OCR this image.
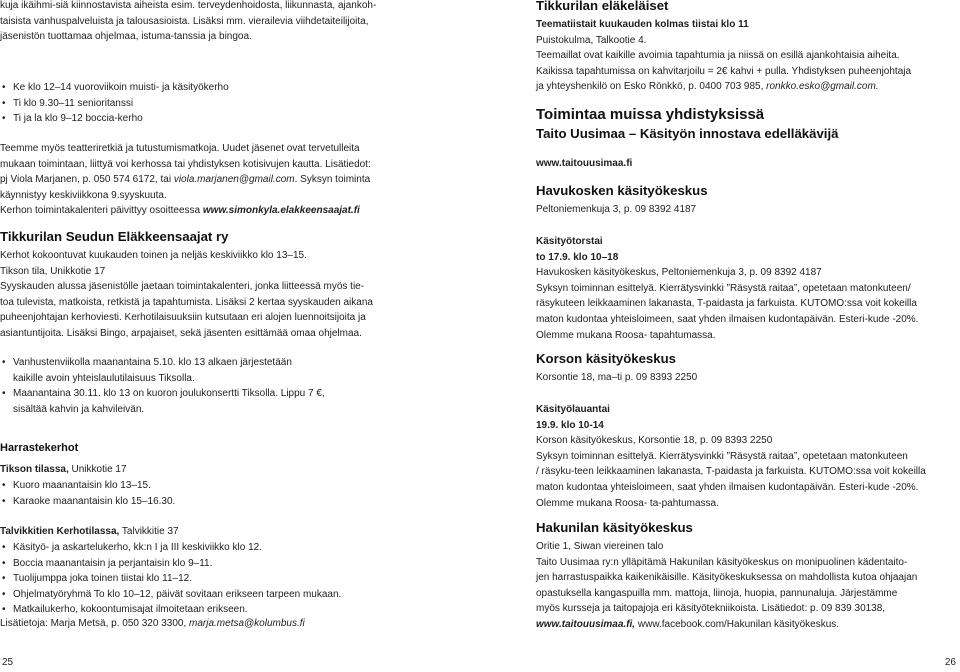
kuja ikäihmi-siä kiinnostavista aiheista esim. terveydenhoidosta, liikunnasta, ajankoh-

taisista vanhuspalveluista ja talousasioista. Lisäksi mm. vierailevia viihdetaiteilijoita,

jäsenistön tuottamaa ohjelmaa, istuma-tanssia ja bingoa.

• Ke klo 12–14 vuoroviikoin muisti- ja käsityökerho
• Ti klo 9.30–11 senioritanssi
• Ti ja la klo 9–12 boccia-kerho

Teemme myös teatteriretkiä ja tutustumismatkoja. Uudet jäsenet ovat tervetulleita

mukaan toimintaan, liittyä voi kerhossa tai yhdistyksen kotisivujen kautta. Lisätiedot:

pj Viola Marjanen, p. 050 574 6172, tai viola.marjanen@gmail.com. Syksyn toiminta

käynnistyy keskiviikkona 9.syyskuuta.

Kerhon toimintakalenteri päivittyy osoitteessa www.simonkyla.elakkeensaajat.fi

Tikkurilan Seudun Eläkkeensaajat ry

Kerhot kokoontuvat kuukauden toinen ja neljäs keskiviikko klo 13–15.

Tikson tila, Unikkotie 17

Syyskauden alussa jäsenistölle jaetaan toimintakalenteri, jonka liitteessä myös tie-

toa tulevista, matkoista, retkistä ja tapahtumista. Lisäksi 2 kertaa syyskauden aikana

puheenjohtajan kerhoviesti. Kerhotilaisuuksiin kutsutaan eri alojen luennoitsijoita ja

asiantuntijoita. Lisäksi Bingo, arpajaiset, sekä jäsenten esittämää omaa ohjelmaa.

• Vanhustenviikolla maanantaina 5.10. klo 13 alkaen järjestetään
kaikille avoin yhteislaulutilaisuus Tiksolla.
• Maanantaina 30.11. klo 13 on kuoron joulukonsertti Tiksolla. Lippu 7 €,
sisältää kahvin ja kahvileivän.
Harrastekerhot

Tikson tilassa, Unikkotie 17

• Kuoro maanantaisin klo 13–15.
• Karaoke maanantaisin klo 15–16.30.

Talvikkitien Kerhotilassa, Talvikkitie 37

• Käsityö- ja askartelukerho, kk:n I ja III keskiviikko klo 12.
• Boccia maanantaisin ja perjantaisin klo 9–11.
• Tuolijumppa joka toinen tiistai klo 11–12.
• Ohjelmatyöryhmä To klo 10–12, päivät sovitaan erikseen tarpeen mukaan.
• Matkailukerho, kokoontumisajat ilmoitetaan erikseen.

Lisätietoja: Marja Metsä, p. 050 320 3300, marja.metsa@kolumbus.fi

25
Tikkurilan eläkeläiset

Teematiistait kuukauden kolmas tiistai klo 11

Puistokulma, Talkootie 4.

Teemaillat ovat kaikille avoimia tapahtumia ja niissä on esillä ajankohtaisia aiheita.

Kaikissa tapahtumissa on kahvitarjoilu = 2€ kahvi + pulla. Yhdistyksen puheenjohtaja

ja yhteyshenkilö on Esko Rönkkö, p. 0400 703 985, ronkko.esko@gmail.com.

Toimintaa muissa yhdistyksissä
Taito Uusimaa – Käsityön innostava edelläkävijä
www.taitouusimaa.fi
Havukosken käsityökeskus
Peltoniemenkuja 3, p. 09 8392 4187

Käsityötorstai

to 17.9. klo 10–18

Havukosken käsityökeskus, Peltoniemenkuja 3, p. 09 8392 4187

Syksyn toiminnan esittelyä. Kierrätysvinkki ”Räsystä raitaa”, opetetaan matonkuteen/

räsykuteen leikkaaminen lakanasta, T-paidasta ja farkuista. KUTOMO:ssa voit kokeilla

maton kudontaa yhteisloimeen, saat yhden ilmaisen kudontapäivän. Esteri-kude -20%.

Olemme mukana Roosa- tapahtumassa.

Korson käsityökeskus
Korsontie 18, ma–ti p. 09 8393 2250

Käsityölauantai

19.9. klo 10-14

Korson käsityökeskus, Korsontie 18, p. 09 8393 2250

Syksyn toiminnan esittelyä. Kierrätysvinkki ”Räsystä raitaa”, opetetaan matonkuteen

/ räsyku-teen leikkaaminen lakanasta, T-paidasta ja farkuista. KUTOMO:ssa voit kokeilla

maton kudontaa yhteisloimeen, saat yhden ilmaisen kudontapäivän. Esteri-kude -20%.

Olemme mukana Roosa- ta-pahtumassa.

Hakunilan käsityökeskus

Oritie 1, Siwan viereinen talo

Taito Uusimaa ry:n ylläpitämä Hakunilan käsityökeskus on monipuolinen kädentaito-

jen harrastuspaikka kaikenikäisille. Käsityökeskuksessa on mahdollista kutoa ohjaajan

opastuksella kangaspuilla mm. mattoja, liinoja, huopia, pannunaluja. Järjestämme

myös kursseja ja taitopajoja eri käsityötekniikoista. Lisätiedot: p. 09 839 30138,

www.taitouusimaa.fi, www.facebook.com/Hakunilan käsityökeskus.

26
